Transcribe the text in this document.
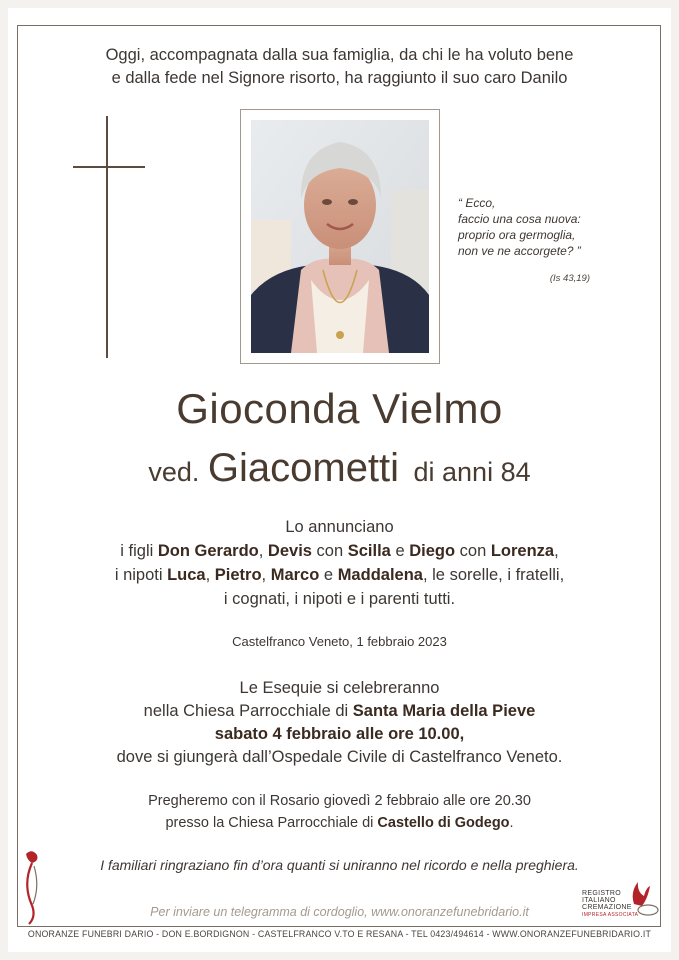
Oggi, accompagnata dalla sua famiglia, da chi le ha voluto bene
e dalla fede nel Signore risorto, ha raggiunto il suo caro Danilo
“ Ecco,
faccio una cosa nuova:
proprio ora germoglia,
non ve ne accorgete? ”
(Is 43,19)
Gioconda Vielmo
ved. Giacometti di anni 84
Lo annunciano
i figli Don Gerardo, Devis con Scilla e Diego con Lorenza,
i nipoti Luca, Pietro, Marco e Maddalena, le sorelle, i fratelli,
i cognati, i nipoti e i parenti tutti.
Castelfranco Veneto, 1 febbraio 2023
Le Esequie si celebreranno
nella Chiesa Parrocchiale di Santa Maria della Pieve
sabato 4 febbraio alle ore 10.00,
dove si giungerà dall’Ospedale Civile di Castelfranco Veneto.
Pregheremo con il Rosario giovedì 2 febbraio alle ore 20.30
presso la Chiesa Parrocchiale di Castello di Godego.
I familiari ringraziano fin d’ora quanti si uniranno nel ricordo e nella preghiera.
Per inviare un telegramma di cordoglio, www.onoranzefunebridario.it
REGISTRO
ITALIANO
CREMAZIONE
IMPRESA ASSOCIATA
ONORANZE FUNEBRI DARIO - DON E.BORDIGNON - CASTELFRANCO V.TO E RESANA - TEL 0423/494614 - WWW.ONORANZEFUNEBRIDARIO.IT
